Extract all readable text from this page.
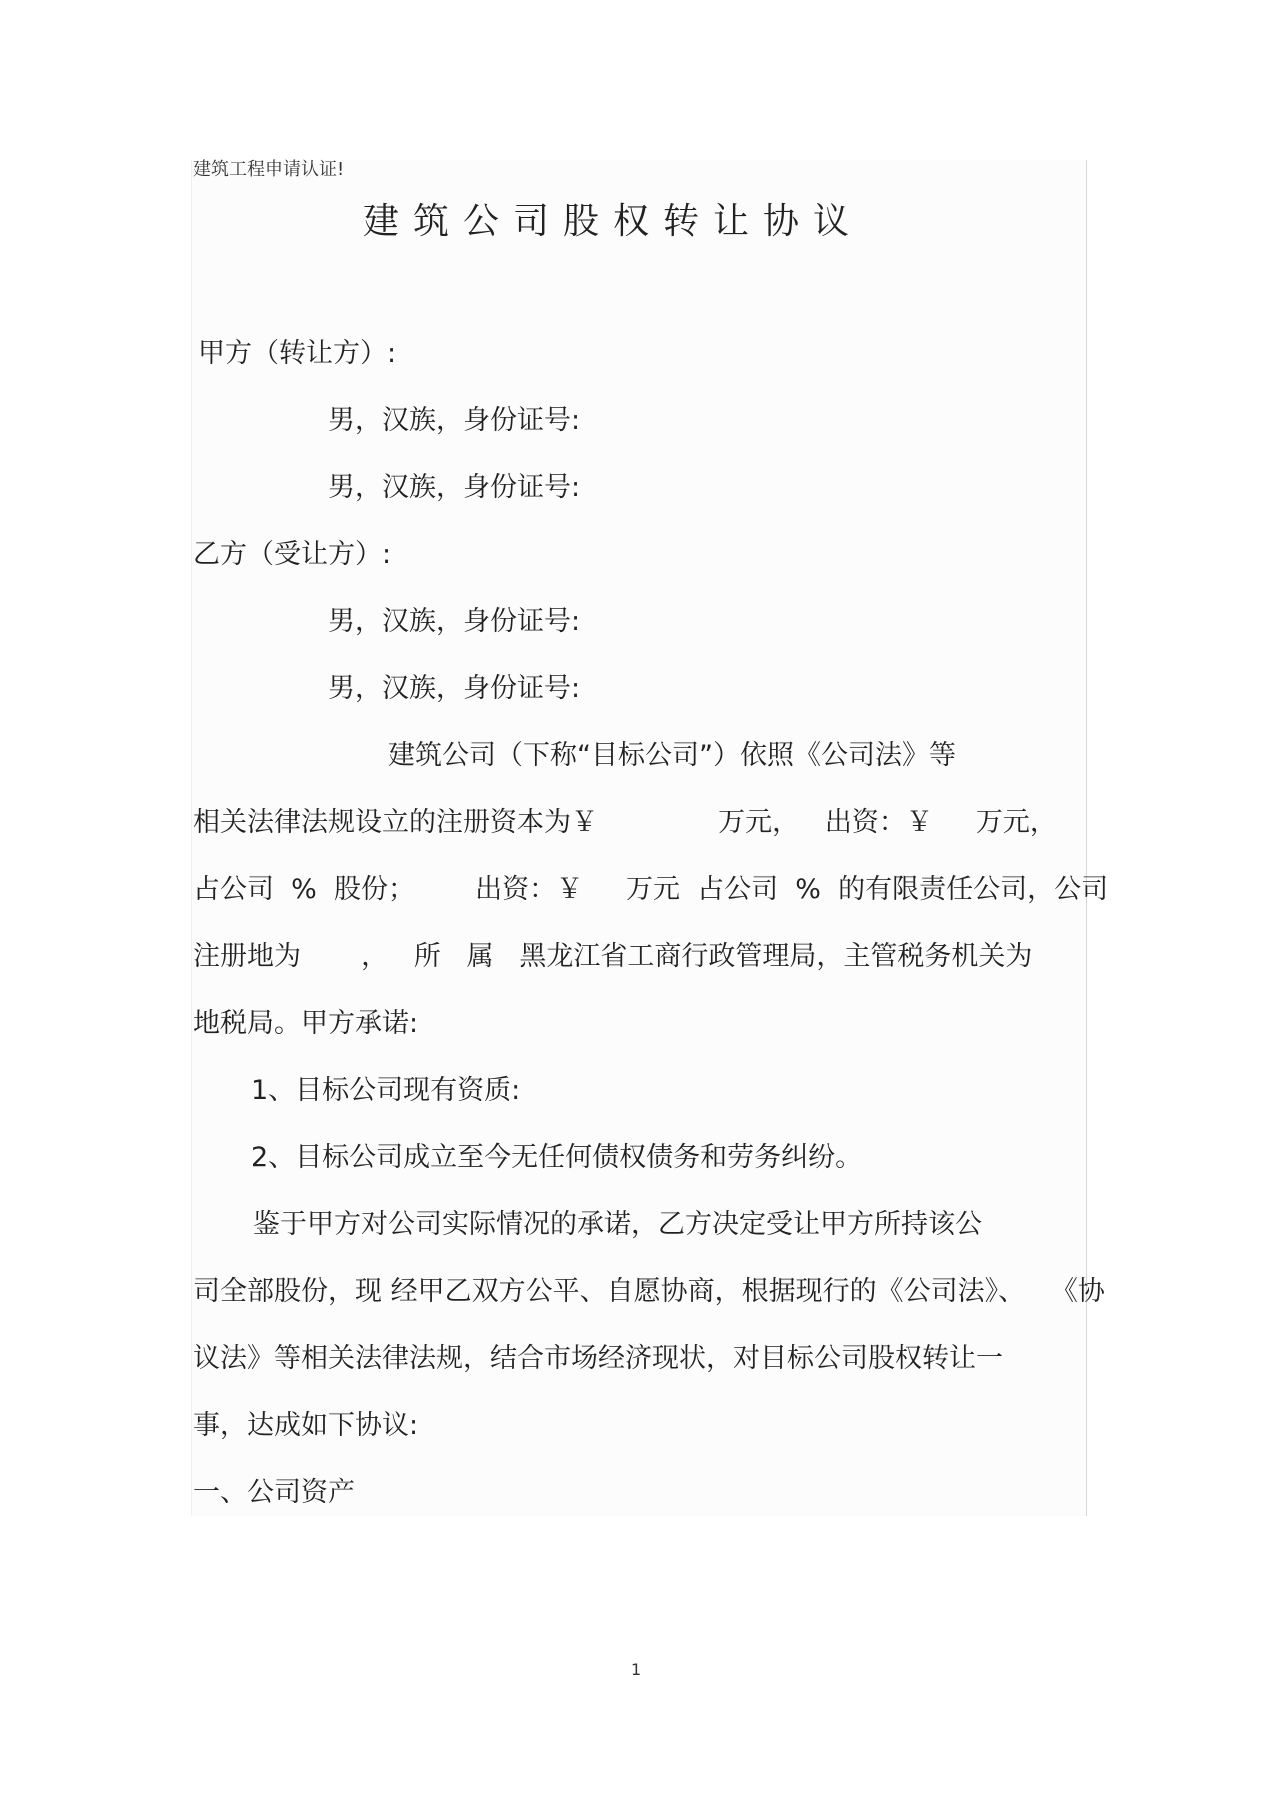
建筑工程申请认证!
建筑公司股权转让协议
甲方（转让方）:
男，汉族，身份证号:
男，汉族，身份证号:
乙方（受让方）:
男，汉族，身份证号:
男，汉族，身份证号:
建筑公司（下称“目标公司”）依照《公司法》等
相关法律法规设立的注册资本为￥              万元，   出资：￥     万元，
占公司  %  股份；       出资：￥     万元  占公司  %  的有限责任公司，公司
注册地为       ，   所   属   黑龙江省工商行政管理局，主管税务机关为
地税局。甲方承诺:
1、目标公司现有资质:
2、目标公司成立至今无任何债权债务和劳务纠纷。
鉴于甲方对公司实际情况的承诺，乙方决定受让甲方所持该公
司全部股份，现 经甲乙双方公平、自愿协商，根据现行的《公司法》、   《协
议法》等相关法律法规，结合市场经济现状，对目标公司股权转让一
事，达成如下协议:
一、公司资产
1
